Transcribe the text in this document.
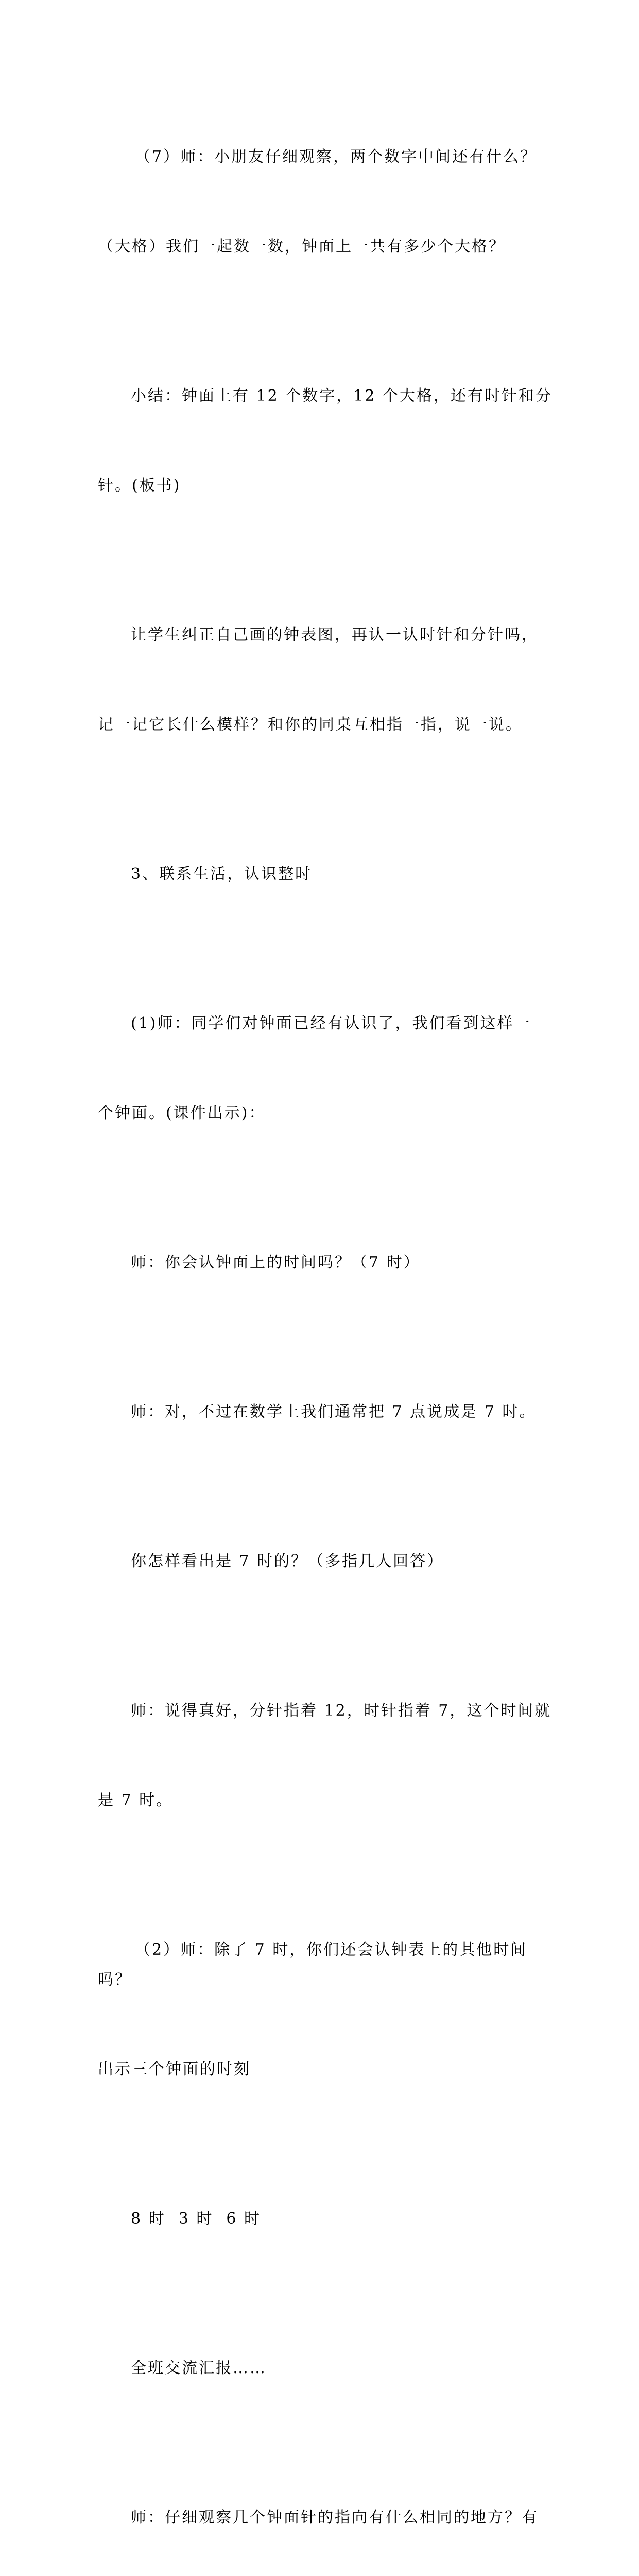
（7）师：小朋友仔细观察，两个数字中间还有什么？

（大格）我们一起数一数，钟面上一共有多少个大格？

小结：钟面上有 12 个数字，12 个大格，还有时针和分

针。(板书)

让学生纠正自己画的钟表图，再认一认时针和分针吗，

记一记它长什么模样？和你的同桌互相指一指，说一说。

3、联系生活，认识整时

(1)师：同学们对钟面已经有认识了，我们看到这样一

个钟面。(课件出示)：

师：你会认钟面上的时间吗？（7 时）

师：对，不过在数学上我们通常把 7 点说成是 7 时。

你怎样看出是 7 时的？（多指几人回答）

师：说得真好，分针指着 12，时针指着 7，这个时间就

是 7 时。

（2）师：除了 7 时，你们还会认钟表上的其他时间吗？

出示三个钟面的时刻

8 时  3 时  6 时

全班交流汇报……

师：仔细观察几个钟面针的指向有什么相同的地方？有
